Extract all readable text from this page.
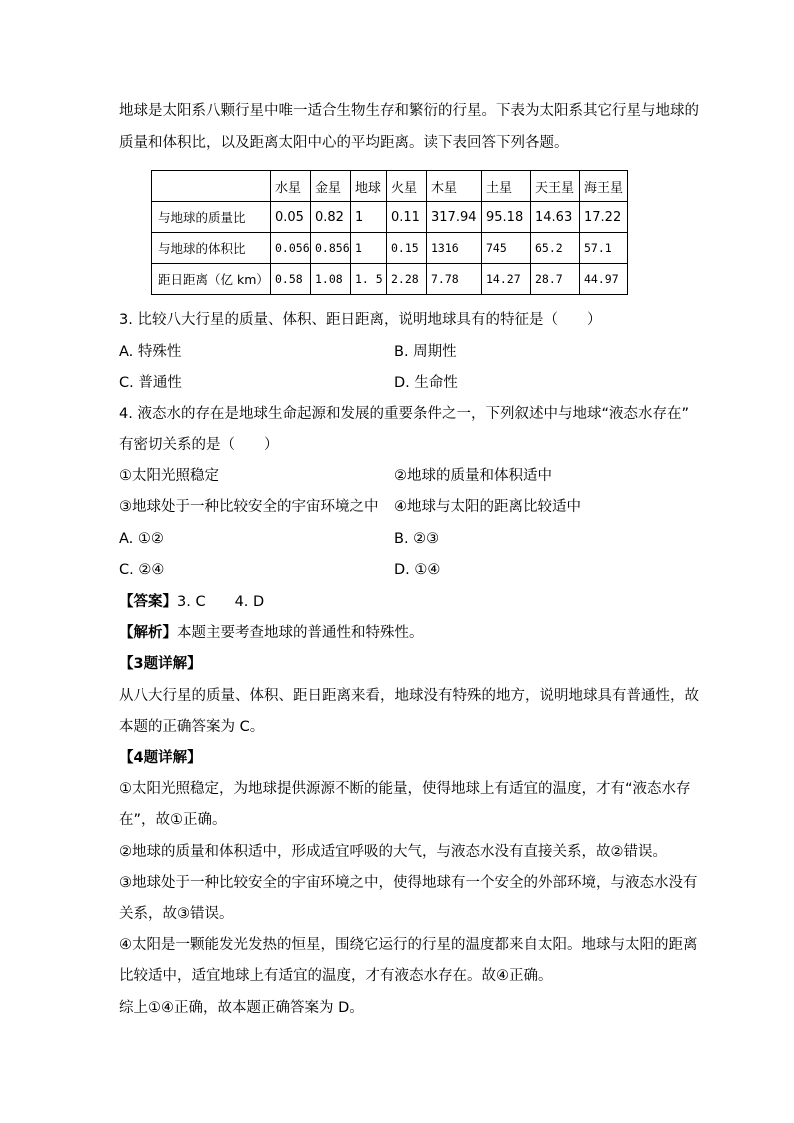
地球是太阳系八颗行星中唯一适合生物生存和繁衍的行星。下表为太阳系其它行星与地球的
质量和体积比，以及距离太阳中心的平均距离。读下表回答下列各题。
	水星	金星	地球	火星	木星	土星	天王星	海王星
与地球的质量比	0.05	0.82	1	0.11	317.94	95.18	14.63	17.22
与地球的体积比	0.056	0.856	1	0.15	1316	745	65.2	57.1
距日距离（亿 km）	0.58	1.08	1. 5	2.28	7.78	14.27	28.7	44.97
3. 比较八大行星的质量、体积、距日距离，说明地球具有的特征是（　　）
A. 特殊性	B. 周期性
C. 普通性	D. 生命性
4. 液态水的存在是地球生命起源和发展的重要条件之一，下列叙述中与地球“液态水存在”
有密切关系的是（　　）
①太阳光照稳定	②地球的质量和体积适中
③地球处于一种比较安全的宇宙环境之中 ④地球与太阳的距离比较适中
A. ①②	B. ②③
C. ②④	D. ①④
【答案】3. C　　4. D
【解析】本题主要考查地球的普通性和特殊性。
【3题详解】
从八大行星的质量、体积、距日距离来看，地球没有特殊的地方，说明地球具有普通性，故
本题的正确答案为 C。
【4题详解】
①太阳光照稳定，为地球提供源源不断的能量，使得地球上有适宜的温度，才有“液态水存
在”，故①正确。
②地球的质量和体积适中，形成适宜呼吸的大气，与液态水没有直接关系，故②错误。
③地球处于一种比较安全的宇宙环境之中，使得地球有一个安全的外部环境，与液态水没有
关系，故③错误。
④太阳是一颗能发光发热的恒星，围绕它运行的行星的温度都来自太阳。地球与太阳的距离
比较适中，适宜地球上有适宜的温度，才有液态水存在。故④正确。
综上①④正确，故本题正确答案为 D。
